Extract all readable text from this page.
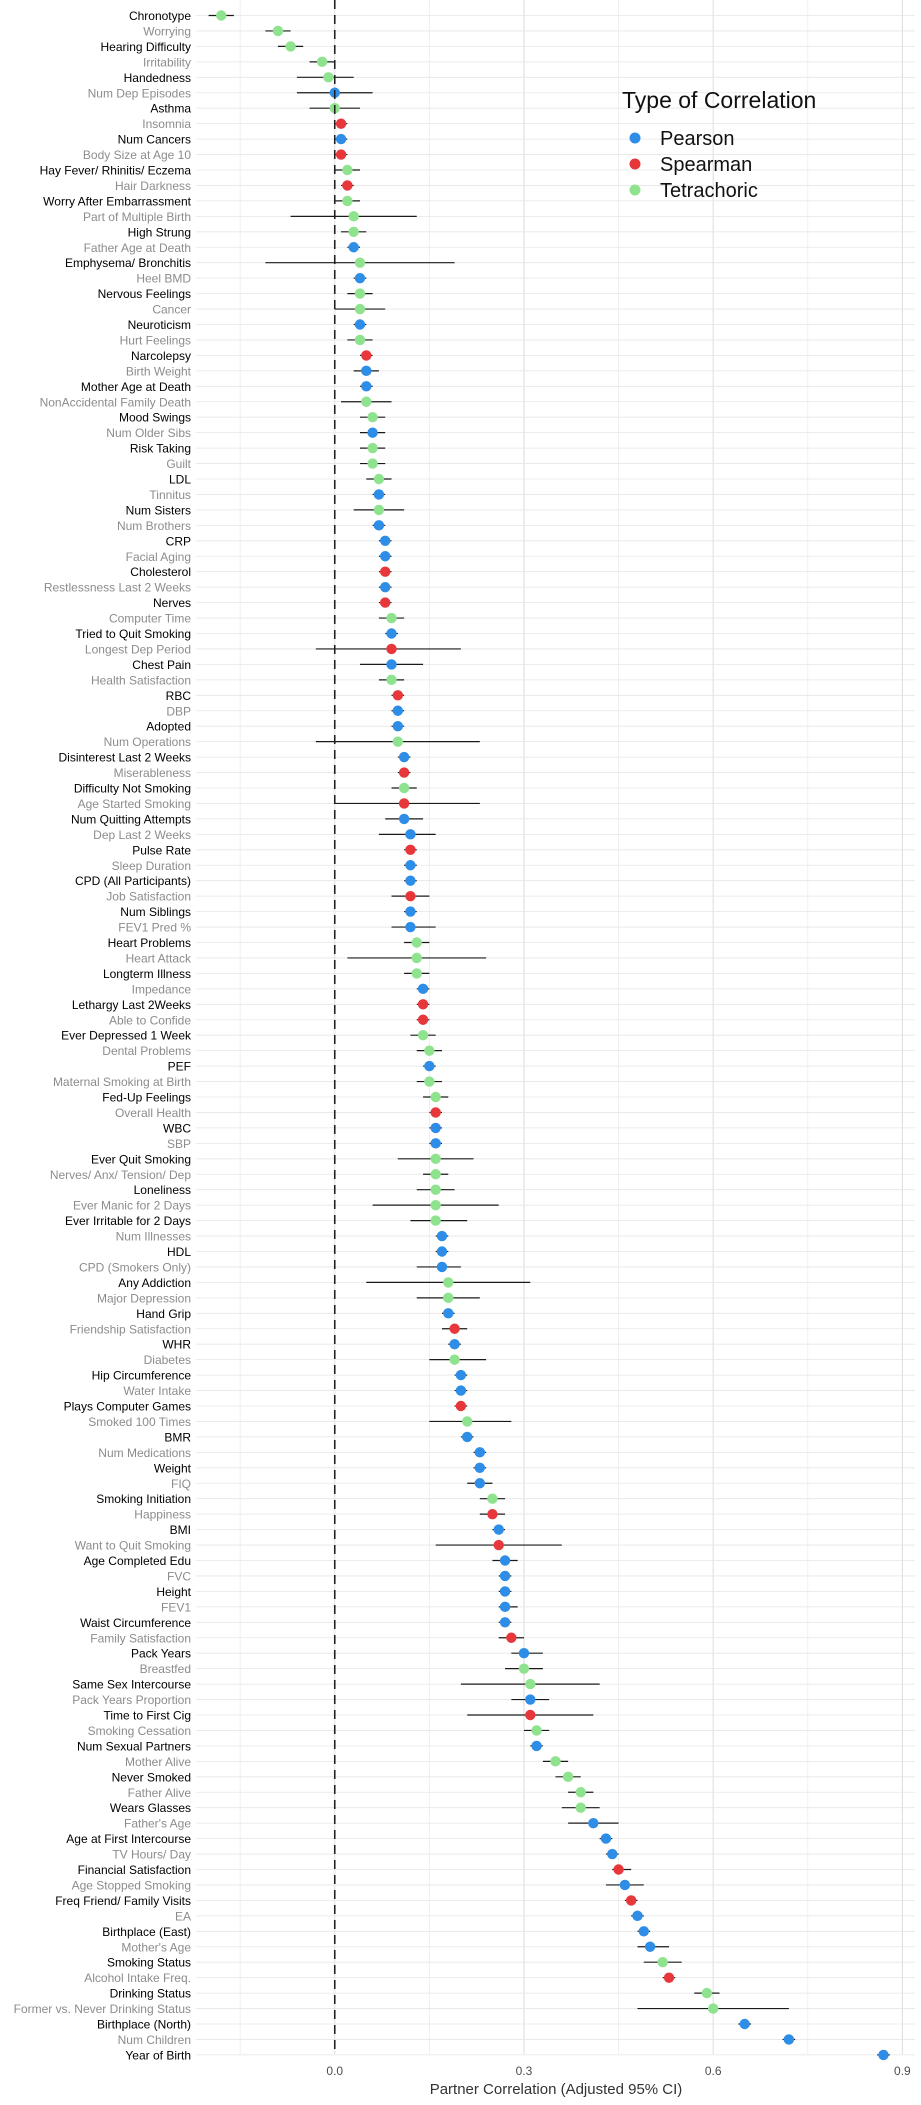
Chronotype
Worrying
Hearing Difficulty
Irritability
Handedness
Num Dep Episodes
Asthma
Insomnia
Num Cancers
Body Size at Age 10
Hay Fever/ Rhinitis/ Eczema
Hair Darkness
Worry After Embarrassment
Part of Multiple Birth
High Strung
Father Age at Death
Emphysema/ Bronchitis
Heel BMD
Nervous Feelings
Cancer
Neuroticism
Hurt Feelings
Narcolepsy
Birth Weight
Mother Age at Death
NonAccidental Family Death
Mood Swings
Num Older Sibs
Risk Taking
Guilt
LDL
Tinnitus
Num Sisters
Num Brothers
CRP
Facial Aging
Cholesterol
Restlessness Last 2 Weeks
Nerves
Computer Time
Tried to Quit Smoking
Longest Dep Period
Chest Pain
Health Satisfaction
RBC
DBP
Adopted
Num Operations
Disinterest Last 2 Weeks
Miserableness
Difficulty Not Smoking
Age Started Smoking
Num Quitting Attempts
Dep Last 2 Weeks
Pulse Rate
Sleep Duration
CPD (All Participants)
Job Satisfaction
Num Siblings
FEV1 Pred %
Heart Problems
Heart Attack
Longterm Illness
Impedance
Lethargy Last 2Weeks
Able to Confide
Ever Depressed 1 Week
Dental Problems
PEF
Maternal Smoking at Birth
Fed-Up Feelings
Overall Health
WBC
SBP
Ever Quit Smoking
Nerves/ Anx/ Tension/ Dep
Loneliness
Ever Manic for 2 Days
Ever Irritable for 2 Days
Num Illnesses
HDL
CPD (Smokers Only)
Any Addiction
Major Depression
Hand Grip
Friendship Satisfaction
WHR
Diabetes
Hip Circumference
Water Intake
Plays Computer Games
Smoked 100 Times
BMR
Num Medications
Weight
FIQ
Smoking Initiation
Happiness
BMI
Want to Quit Smoking
Age Completed Edu
FVC
Height
FEV1
Waist Circumference
Family Satisfaction
Pack Years
Breastfed
Same Sex Intercourse
Pack Years Proportion
Time to First Cig
Smoking Cessation
Num Sexual Partners
Mother Alive
Never Smoked
Father Alive
Wears Glasses
Father's Age
Age at First Intercourse
TV Hours/ Day
Financial Satisfaction
Age Stopped Smoking
Freq Friend/ Family Visits
EA
Birthplace (East)
Mother's Age
Smoking Status
Alcohol Intake Freq.
Drinking Status
Former vs. Never Drinking Status
Birthplace (North)
Num Children
Year of Birth
0.0	0.3	0.6	0.9
Partner Correlation (Adjusted 95% CI)
Type of Correlation
Pearson
Spearman
Tetrachoric
